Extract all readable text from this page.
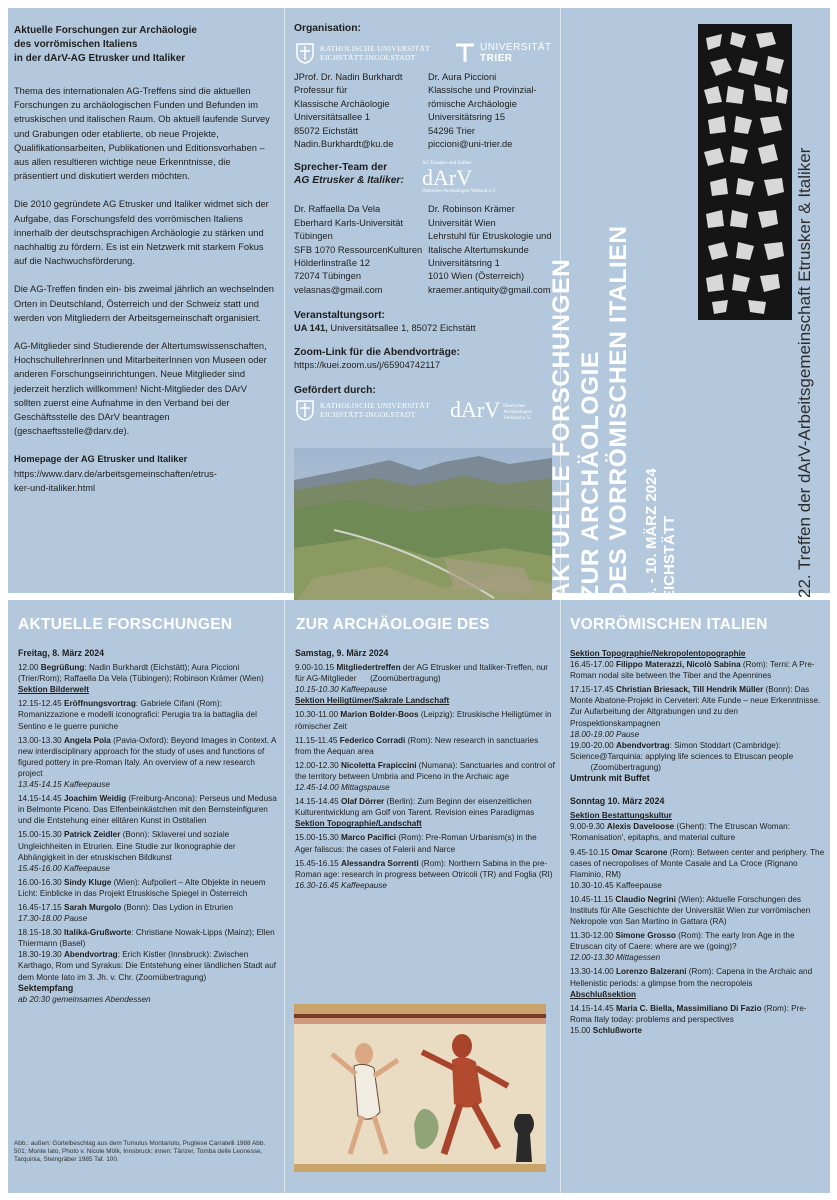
Aktuelle Forschungen zur Archäologie
des vorrömischen Italiens
in der dArV-AG Etrusker und Italiker

Thema des internationalen AG-Treffens sind die aktuellen Forschungen zu archäologischen Funden und Befunden im etruskischen und italischen Raum. Ob aktuell laufende Survey und Grabungen oder etablierte, ob neue Projekte, Qualifikationsarbeiten, Publikationen und Editionsvorhaben – aus allen resultieren wichtige neue Erkenntnisse, die präsentiert und diskutiert werden möchten.

Die 2010 gegründete AG Etrusker und Italiker widmet sich der Aufgabe, das Forschungsfeld des vorrömischen Italiens innerhalb der deutschsprachigen Archäologie zu stärken und nachhaltig zu fördern. Es ist ein Netzwerk mit starkem Fokus auf die Nachwuchsförderung.

Die AG-Treffen finden ein- bis zweimal jährlich an wechselnden Orten in Deutschland, Österreich und der Schweiz statt und werden von Mitgliedern der Arbeitsgemeinschaft organisiert.

AG-Mitglieder sind Studierende der Altertumswissenschaften, HochschullehrerInnen und MitarbeiterInnen von Museen oder anderen Forschungseinrichtungen. Neue Mitglieder sind jederzeit herzlich willkommen! Nicht-Mitglieder des DArV sollten zuerst eine Aufnahme in den Verband bei der Geschäftsstelle des DArV beantragen (geschaeftsstelle@darv.de).

Homepage der AG Etrusker und Italiker
https://www.darv.de/arbeitsgemeinschaften/etrus-
ker-und-italiker.html
Organisation:
KATHOLISCHE UNIVERSITÄT
EICHSTÄTT-INGOLSTADT
UNIVERSITÄT
TRIER
JProf. Dr. Nadin Burkhardt
Professur für
Klassische Archäologie
Universitätsallee 1
85072 Eichstätt
Nadin.Burkhardt@ku.de
Dr. Aura Piccioni
Klassische und Provinzial-
römische Archäologie
Universitätsring 15
54296 Trier
piccioni@uni-trier.de
Sprecher-Team der
AG Etrusker & Italiker:
AG Etrusker und Italiker
dArV
Deutscher Archäologen-Verband e.V.
Dr. Raffaella Da Vela
Eberhard Karls-Universität
Tübingen
SFB 1070 RessourcenKulturen
Hölderlinstraße 12
72074 Tübingen
velasnas@gmail.com
Dr. Robinson Krämer
Universität Wien
Lehrstuhl für Etruskologie und
Italische Altertumskunde
Universitätsring 1
1010 Wien (Österreich)
kraemer.antiquity@gmail.com
Veranstaltungsort:
UA 141, Universitätsallee 1, 85072 Eichstätt
Zoom-Link für die Abendvorträge:
https://kuei.zoom.us/j/65904742117
Gefördert durch:
KATHOLISCHE UNIVERSITÄT
EICHSTÄTT-INGOLSTADT	dArV Deutscher
Archäologen-
Verband e.V. AKTUELLE FORSCHUNGEN ZUR ARCHÄOLOGIE DES VORRÖMISCHEN ITALIEN 8. - 10. MÄRZ 2024 EICHSTÄTT	22. Treffen der dArV-Arbeitsgemeinschaft Etrusker & Italiker
AKTUELLE FORSCHUNGEN	ZUR ARCHÄOLOGIE DES	VORRÖMISCHEN ITALIEN
Freitag, 8. März 2024
12.00 Begrüßung: Nadin Burkhardt (Eichstätt); Aura Piccioni (Trier/Rom); Raffaella Da Vela (Tübingen); Robinson Krämer (Wien)
Sektion Bilderwelt
12.15-12.45 Eröffnungsvortrag: Gabriele Cifani (Rom): Romanizzazione e modelli iconografici: Perugia tra la battaglia del Sentino e le guerre puniche
13.00-13.30 Angela Pola (Pavia-Oxford): Beyond Images in Context. A new interdisciplinary approach for the study of uses and functions of figured pottery in pre-Roman Italy. An overview of a new research project
13.45-14.15 Kaffeepause
14.15-14.45 Joachim Weidig (Freiburg-Ancona): Perseus und Medusa in Belmonte Piceno. Das Elfenbeinkästchen mit den Bernsteinfiguren und die Entstehung einer elitären Kunst in Ostitalien
15.00-15.30 Patrick Zeidler (Bonn): Sklaverei und soziale Ungleichheiten in Etrurien. Eine Studie zur Ikonographie der Abhängigkeit in der etruskischen Bildkunst
15.45-16.00 Kaffeepause
16.00-16.30 Sindy Kluge (Wien): Aufpoliert – Alte Objekte in neuem Licht: Einblicke in das Projekt Etruskische Spiegel in Österreich
16.45-17.15 Sarah Murgolo (Bonn): Das Lydion in Etrurien
17.30-18.00 Pause
18.15-18.30 Italiká-Grußworte: Christiane Nowak-Lipps (Mainz); Ellen Thiermann (Basel)
18.30-19.30 Abendvortrag: Erich Kistler (Innsbruck): Zwischen Karthago, Rom und Syrakus: Die Entstehung einer ländlichen Stadt auf dem Monte Iato im 3. Jh. v. Chr. (Zoomübertragung)
Sektempfang
ab 20:30 gemeinsames Abendessen
Abb.: außen: Gürtelbeschlag aus dem Tumulus Montariolo, Pugliese Carratelli 1988 Abb. 501; Monte Iato, Photo v. Nicole Mölk, Innsbruck; innen: Tänzer, Tomba delle Leonesse, Tarquinia, Steingräber 1985 Taf. 100.
Samstag, 9. März 2024
9.00-10.15 Mitgliedertreffen der AG Etrusker und Italiker-Treffen, nur für AG-Mitglieder      (Zoomübertragung)
10.15-10.30 Kaffeepause
Sektion Heiligtümer/Sakrale Landschaft
10.30-11.00 Marion Bolder-Boos (Leipzig): Etruskische Heiligtümer in römischer Zeit
11.15-11.45 Federico Corradi (Rom): New research in sanctuaries from the Aequan area
12.00-12.30 Nicoletta Frapiccini (Numana): Sanctuaries and control of the territory between Umbria and Piceno in the Archaic age
12.45-14.00 Mittagspause
14.15-14.45 Olaf Dörrer (Berlin): Zum Beginn der eisenzeitlichen Kulturentwicklung am Golf von Tarent. Revision eines Paradigmas
Sektion Topographie/Landschaft
15.00-15.30 Marco Pacifici (Rom): Pre-Roman Urbanism(s) in the Ager faliscus: the cases of Falerii and Narce
15.45-16.15 Alessandra Sorrenti (Rom): Northern Sabina in the pre-Roman age: research in progress between Otricoli (TR) and Foglia (RI)
16.30-16.45 Kaffeepause
Sektion Topographie/Nekropolentopographie
16.45-17.00 Filippo Materazzi, Nicolò Sabina (Rom): Terni: A Pre-Roman nodal site between the Tiber and the Apennines
17.15-17.45 Christian Briesack, Till Hendrik Müller (Bonn): Das Monte Abatone-Projekt in Cerveteri: Alte Funde – neue Erkenntnisse. Zur Aufarbeitung der Altgrabungen und zu den Prospektionskampagnen
18.00-19.00 Pause
19.00-20.00 Abendvortrag: Simon Stoddart (Cambridge): Science@Tarquinia: applying life sciences to Etruscan people          (Zoomübertragung)
Umtrunk mit Buffet
Sonntag 10. März 2024
Sektion Bestattungskultur
9.00-9.30 Alexis Daveloose (Ghent): The Etruscan Woman: 'Romanisation', epitaphs, and material culture
9.45-10.15 Omar Scarone (Rom): Between center and periphery. The cases of necropolises of Monte Casale and La Croce (Rignano Flaminio, RM)
10.30-10.45 Kaffeepause
10.45-11.15 Claudio Negrini (Wien): Aktuelle Forschungen des Instituts für Alte Geschichte der Universität Wien zur vorrömischen Nekropole von San Martino in Gattara (RA)
11.30-12.00 Simone Grosso (Rom): The early Iron Age in the Etruscan city of Caere: where are we (going)?
12.00-13.30 Mittagessen
13.30-14.00 Lorenzo Balzerani (Rom): Capena in the Archaic and Hellenistic periods: a glimpse from the necropoleis
Abschlußsektion
14.15-14.45 Maria C. Biella, Massimiliano Di Fazio (Rom): Pre-Roma Italy today: problems and perspectives
15.00 Schlußworte
